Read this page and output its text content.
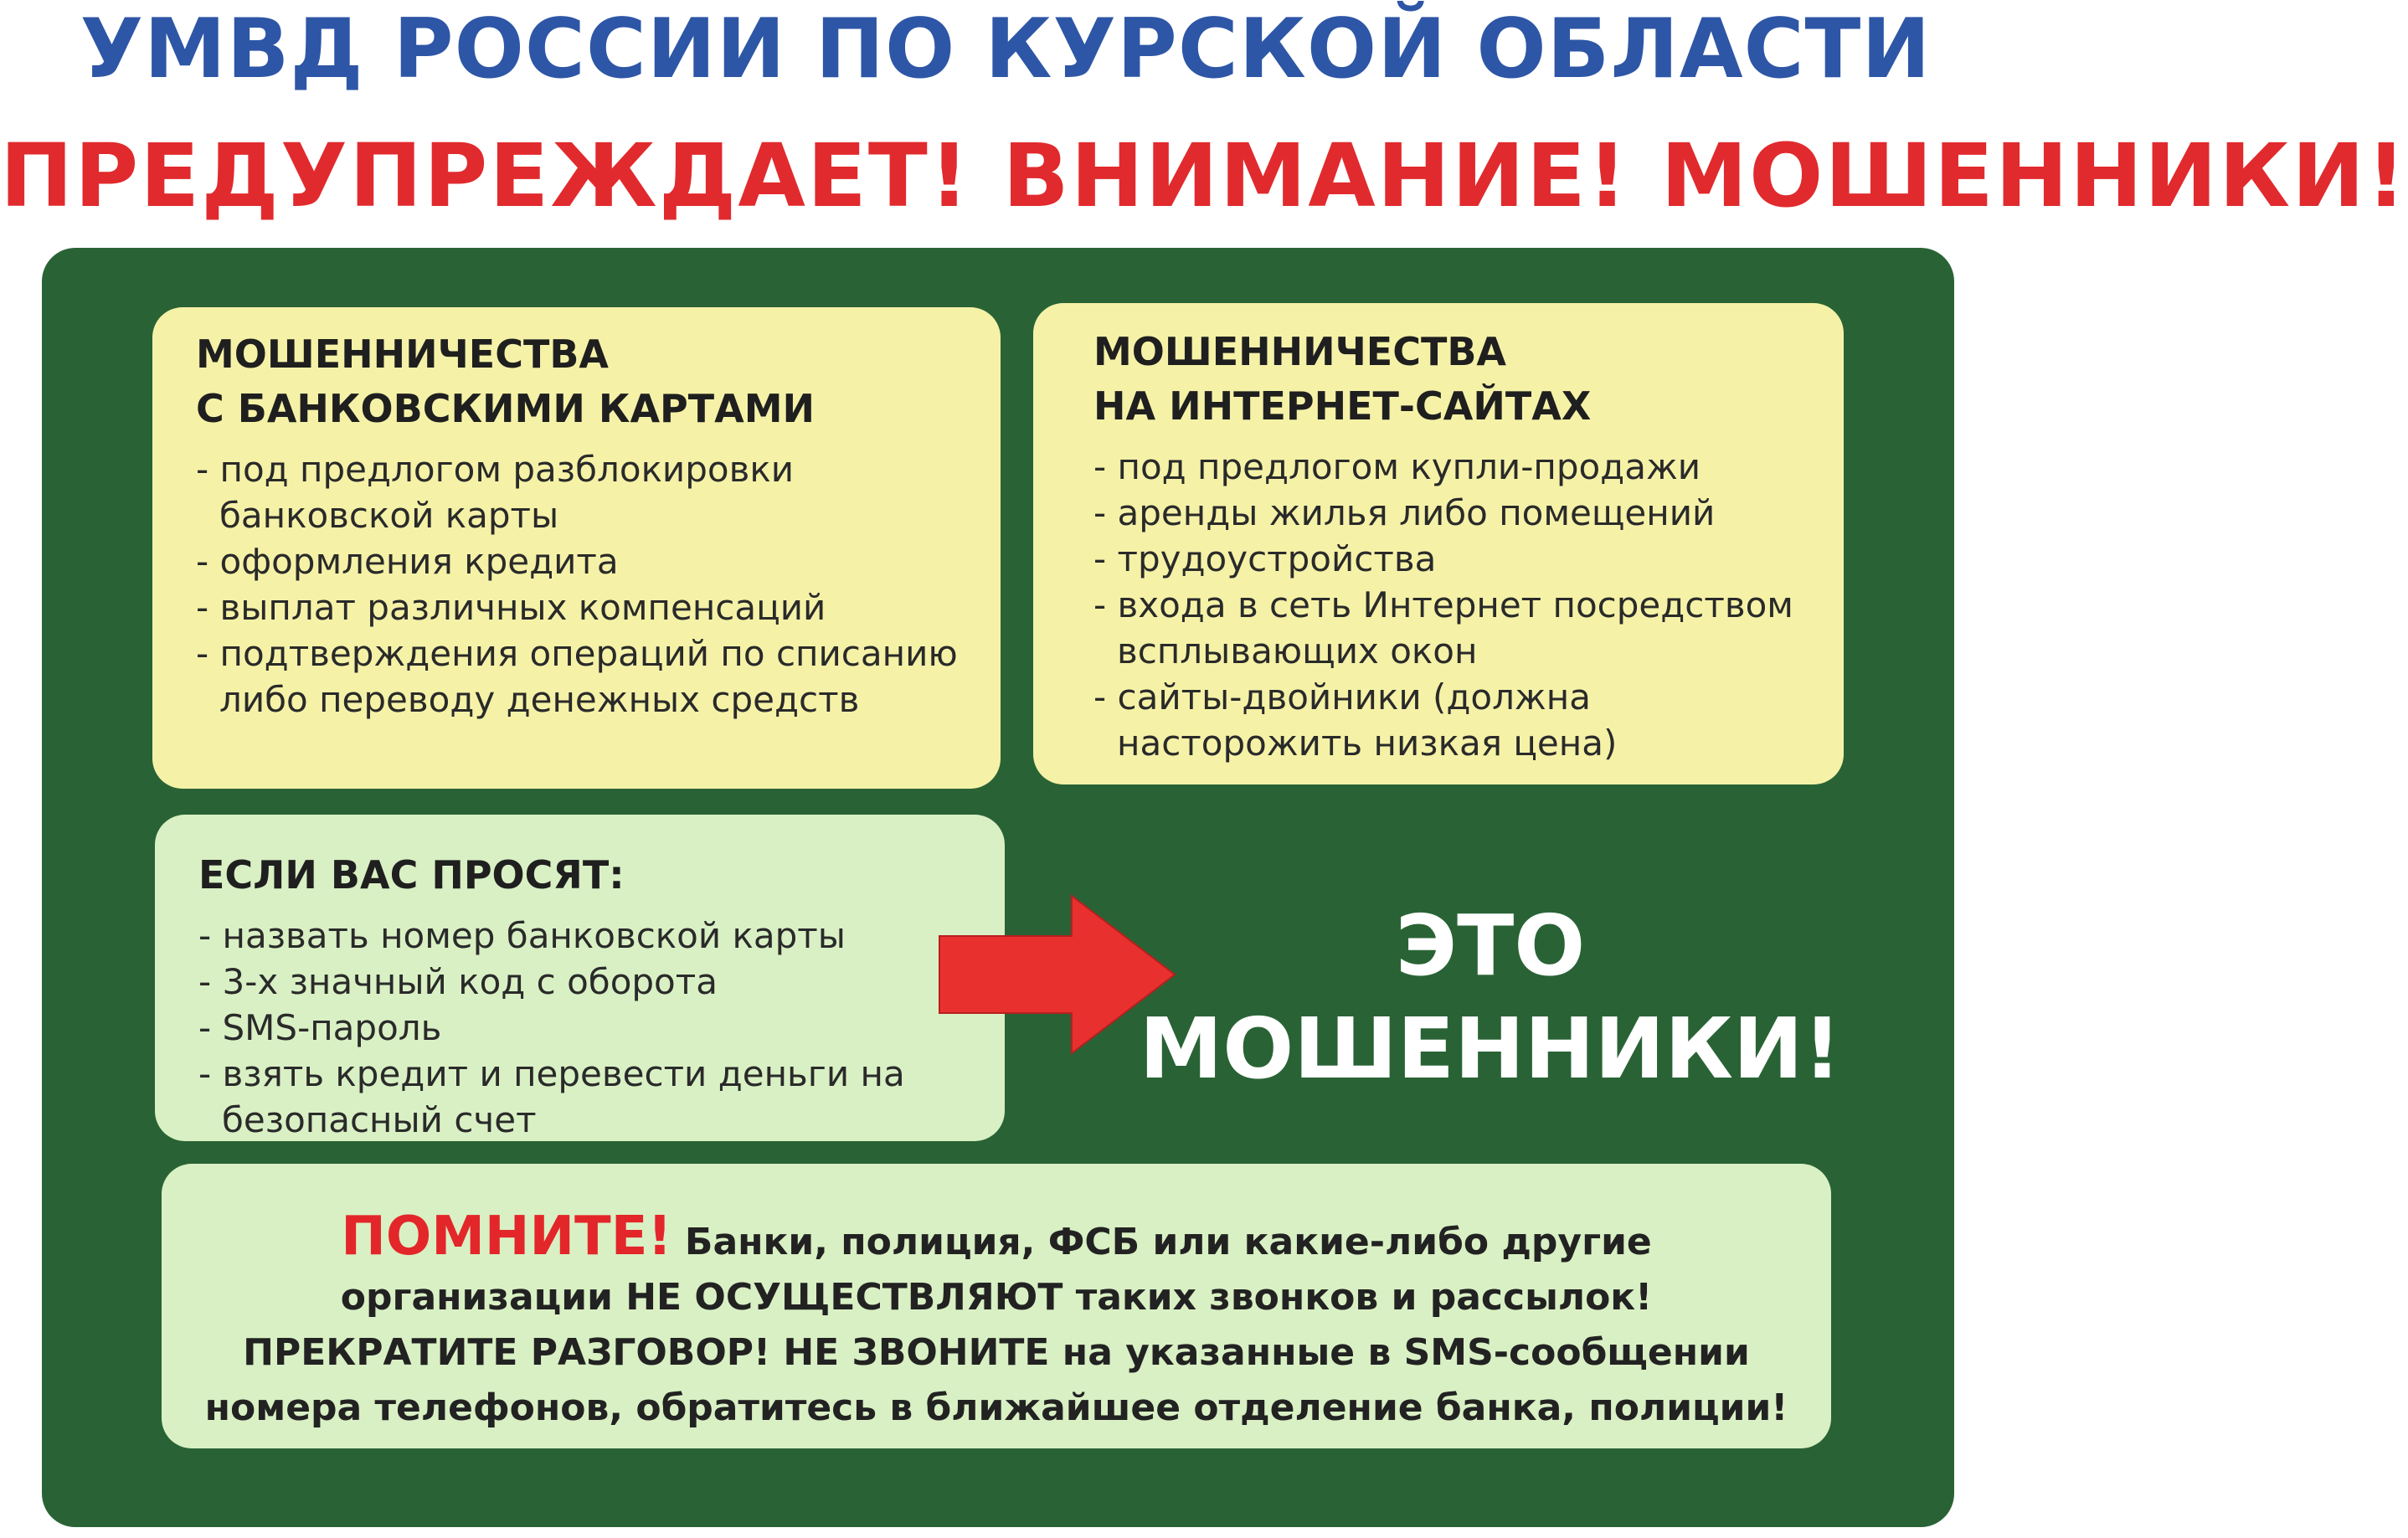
УМВД РОССИИ ПО КУРСКОЙ ОБЛАСТИ
ПРЕДУПРЕЖДАЕТ! ВНИМАНИЕ! МОШЕННИКИ!
МОШЕННИЧЕСТВА
С БАНКОВСКИМИ КАРТАМИ
- под предлогом разблокировки банковской карты
- оформления кредита
- выплат различных компенсаций
- подтверждения операций по списанию либо переводу денежных средств
МОШЕННИЧЕСТВА
НА ИНТЕРНЕТ-САЙТАХ
- под предлогом купли-продажи
- аренды жилья либо помещений
- трудоустройства
- входа в сеть Интернет посредством всплывающих окон
- сайты-двойники (должна насторожить низкая цена)
ЕСЛИ ВАС ПРОСЯТ:
- назвать номер банковской карты
- 3-х значный код с оборота
- SMS-пароль
- взять кредит и перевести деньги на безопасный счет
ЭТО
МОШЕННИКИ!

ПОМНИТЕ! Банки, полиция, ФСБ или какие-либо другие

организации НЕ ОСУЩЕСТВЛЯЮТ таких звонков и рассылок!

ПРЕКРАТИТЕ РАЗГОВОР! НЕ ЗВОНИТЕ на указанные в SMS-сообщении

номера телефонов, обратитесь в ближайшее отделение банка, полиции!
